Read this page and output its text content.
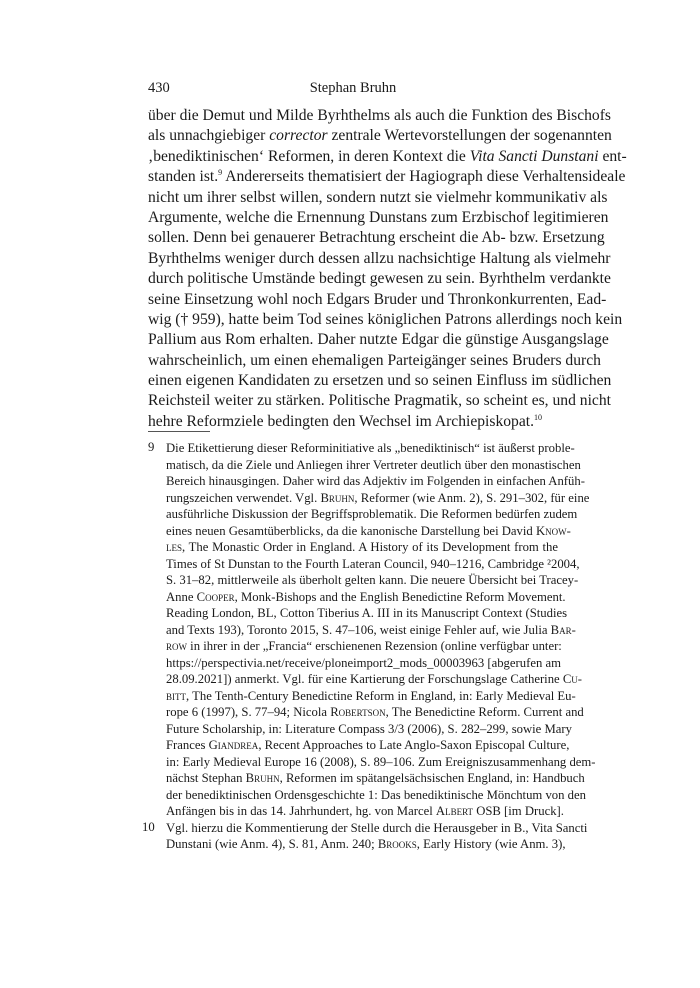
430	Stephan Bruhn
über die Demut und Milde Byrhthelms als auch die Funktion des Bischofs
als unnachgiebiger corrector zentrale Wertevorstellungen der sogenannten
‚benediktinischen‘ Reformen, in deren Kontext die Vita Sancti Dunstani ent-
standen ist.$^9$ Andererseits thematisiert der Hagiograph diese Verhaltensideale
nicht um ihrer selbst willen, sondern nutzt sie vielmehr kommunikativ als
Argumente, welche die Ernennung Dunstans zum Erzbischof legitimieren
sollen. Denn bei genauerer Betrachtung erscheint die Ab- bzw. Ersetzung
Byrhthelms weniger durch dessen allzu nachsichtige Haltung als vielmehr
durch politische Umstände bedingt gewesen zu sein. Byrhthelm verdankte
seine Einsetzung wohl noch Edgars Bruder und Thronkonkurrenten, Ead-
wig († 959), hatte beim Tod seines königlichen Patrons allerdings noch kein
Pallium aus Rom erhalten. Daher nutzte Edgar die günstige Ausgangslage
wahrscheinlich, um einen ehemaligen Parteigänger seines Bruders durch
einen eigenen Kandidaten zu ersetzen und so seinen Einfluss im südlichen
Reichsteil weiter zu stärken. Politische Pragmatik, so scheint es, und nicht
hehre Reformziele bedingten den Wechsel im Archiepiskopat.$^{10}$
9 Die Etikettierung dieser Reforminitiative als „benediktinisch“ ist äußerst proble-
matisch, da die Ziele und Anliegen ihrer Vertreter deutlich über den monastischen
Bereich hinausgingen. Daher wird das Adjektiv im Folgenden in einfachen Anfüh-
rungszeichen verwendet. Vgl. Bruhn, Reformer (wie Anm. 2), S. 291–302, für eine
ausführliche Diskussion der Begriffsproblematik. Die Reformen bedürfen zudem
eines neuen Gesamtüberblicks, da die kanonische Darstellung bei David Know-
les, The Monastic Order in England. A History of its Development from the
Times of St Dunstan to the Fourth Lateran Council, 940–1216, Cambridge ²2004,
S. 31–82, mittlerweile als überholt gelten kann. Die neuere Übersicht bei Tracey-
Anne Cooper, Monk-Bishops and the English Benedictine Reform Movement.
Reading London, BL, Cotton Tiberius A. III in its Manuscript Context (Studies
and Texts 193), Toronto 2015, S. 47–106, weist einige Fehler auf, wie Julia Bar-
row in ihrer in der „Francia“ erschienenen Rezension (online verfügbar unter:
https://perspectivia.net/receive/ploneimport2_mods_00003963 [abgerufen am
28.09.2021]) anmerkt. Vgl. für eine Kartierung der Forschungslage Catherine Cu-
bitt, The Tenth-Century Benedictine Reform in England, in: Early Medieval Eu-
rope 6 (1997), S. 77–94; Nicola Robertson, The Benedictine Reform. Current and
Future Scholarship, in: Literature Compass 3/3 (2006), S. 282–299, sowie Mary
Frances Giandrea, Recent Approaches to Late Anglo-Saxon Episcopal Culture,
in: Early Medieval Europe 16 (2008), S. 89–106. Zum Ereigniszusammenhang dem-
nächst Stephan Bruhn, Reformen im spätangelsächsischen England, in: Handbuch
der benediktinischen Ordensgeschichte 1: Das benediktinische Mönchtum von den
Anfängen bis in das 14. Jahrhundert, hg. von Marcel Albert OSB [im Druck].
10 Vgl. hierzu die Kommentierung der Stelle durch die Herausgeber in B., Vita Sancti
Dunstani (wie Anm. 4), S. 81, Anm. 240; Brooks, Early History (wie Anm. 3),
